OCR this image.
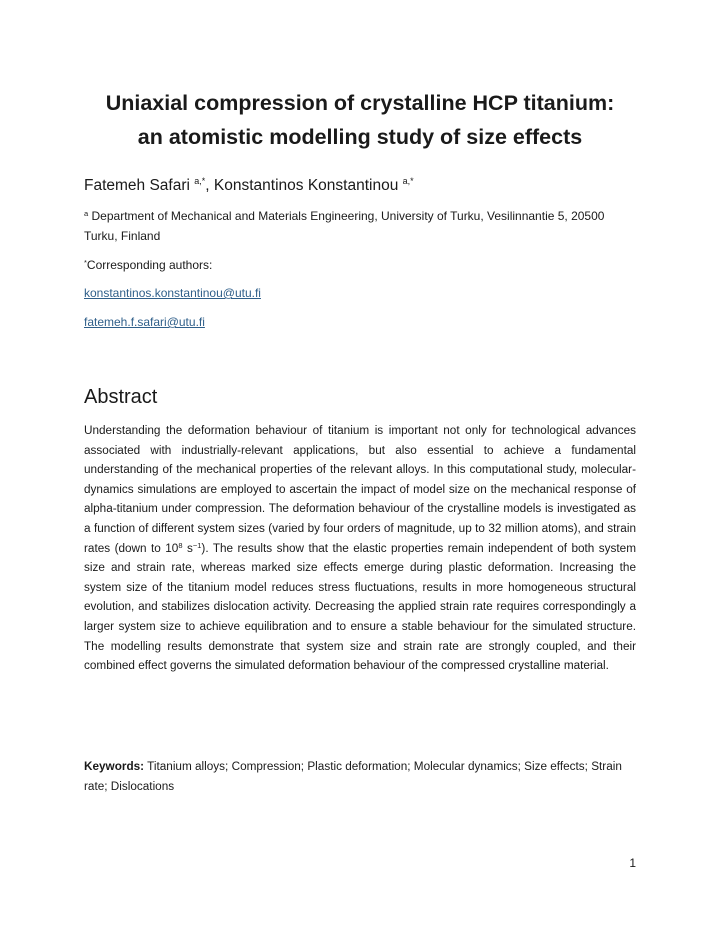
Uniaxial compression of crystalline HCP titanium:
an atomistic modelling study of size effects

Fatemeh Safari $^{a,*}$, Konstantinos Konstantinou $^{a,*}$

$^a$ Department of Mechanical and Materials Engineering, University of Turku, Vesilinnantie 5, 20500 Turku, Finland

*Corresponding authors:

konstantinos.konstantinou@utu.fi
fatemeh.f.safari@utu.fi
Abstract

Understanding the deformation behaviour of titanium is important not only for technological advances associated with industrially-relevant applications, but also essential to achieve a fundamental understanding of the mechanical properties of the relevant alloys. In this computational study, molecular-dynamics simulations are employed to ascertain the impact of model size on the mechanical response of alpha-titanium under compression. The deformation behaviour of the crystalline models is investigated as a function of different system sizes (varied by four orders of magnitude, up to 32 million atoms), and strain rates (down to $10^8$ $s^{-1}$). The results show that the elastic properties remain independent of both system size and strain rate, whereas marked size effects emerge during plastic deformation. Increasing the system size of the titanium model reduces stress fluctuations, results in more homogeneous structural evolution, and stabilizes dislocation activity. Decreasing the applied strain rate requires correspondingly a larger system size to achieve equilibration and to ensure a stable behaviour for the simulated structure. The modelling results demonstrate that system size and strain rate are strongly coupled, and their combined effect governs the simulated deformation behaviour of the compressed crystalline material.

Keywords: Titanium alloys; Compression; Plastic deformation; Molecular dynamics; Size effects; Strain rate; Dislocations

1
